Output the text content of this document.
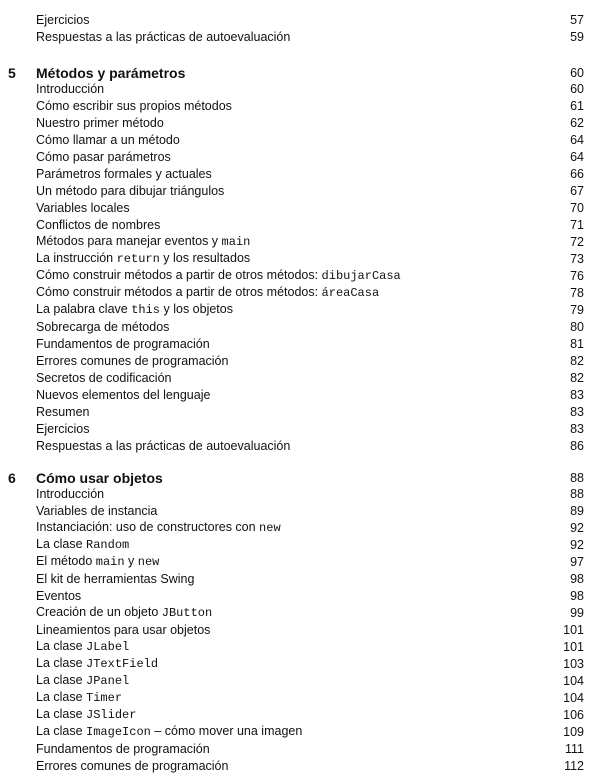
Ejercicios	57
Respuestas a las prácticas de autoevaluación	59
5	Métodos y parámetros	60
Introducción	60
Cómo escribir sus propios métodos	61
Nuestro primer método	62
Cómo llamar a un método	64
Cómo pasar parámetros	64
Parámetros formales y actuales	66
Un método para dibujar triángulos	67
Variables locales	70
Conflictos de nombres	71
Métodos para manejar eventos y main	72
La instrucción return y los resultados	73
Cómo construir métodos a partir de otros métodos: dibujarCasa	76
Cómo construir métodos a partir de otros métodos: áreaCasa	78
La palabra clave this y los objetos	79
Sobrecarga de métodos	80
Fundamentos de programación	81
Errores comunes de programación	82
Secretos de codificación	82
Nuevos elementos del lenguaje	83
Resumen	83
Ejercicios	83
Respuestas a las prácticas de autoevaluación	86
6	Cómo usar objetos	88
Introducción	88
Variables de instancia	89
Instanciación: uso de constructores con new	92
La clase Random	92
El método main y new	97
El kit de herramientas Swing	98
Eventos	98
Creación de un objeto JButton	99
Lineamientos para usar objetos	101
La clase JLabel	101
La clase JTextField	103
La clase JPanel	104
La clase Timer	104
La clase JSlider	106
La clase ImageIcon – cómo mover una imagen	109
Fundamentos de programación	111
Errores comunes de programación	112
